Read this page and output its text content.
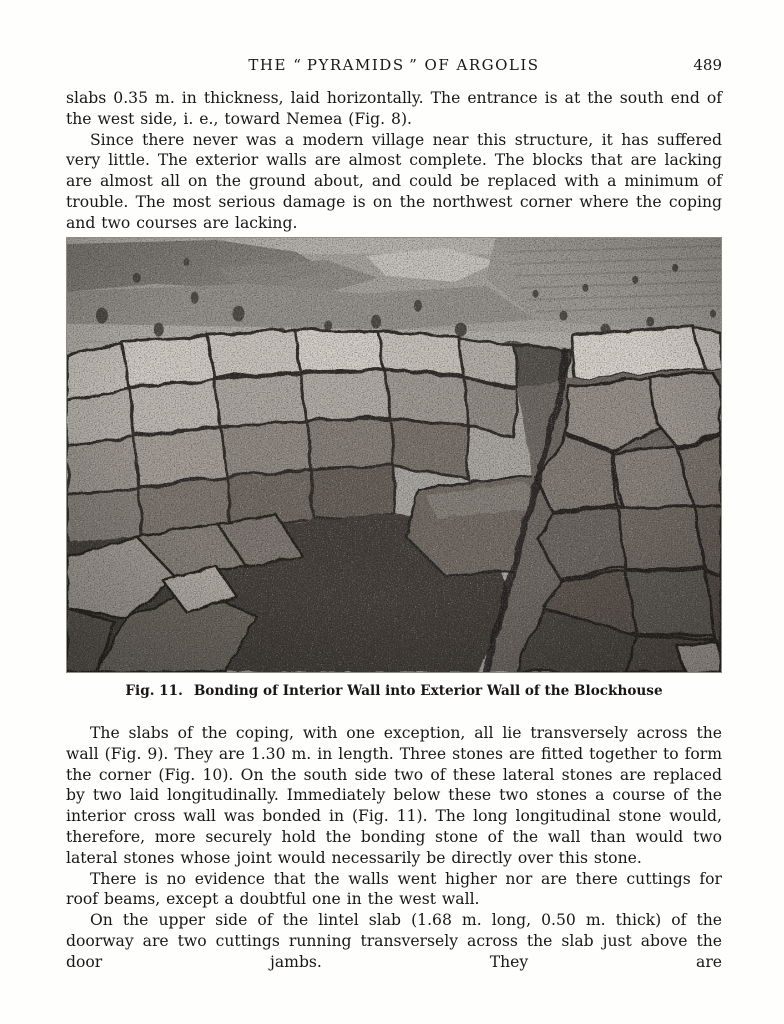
THE “ PYRAMIDS ” OF ARGOLIS	489

slabs 0.35 m. in thickness, laid horizontally. The entrance is at the south end of the west side, i. e., toward Nemea (Fig. 8).

Since there never was a modern village near this structure, it has suffered very little. The exterior walls are almost complete. The blocks that are lacking are almost all on the ground about, and could be replaced with a minimum of trouble. The most serious damage is on the northwest corner where the coping and two courses are lacking.

Fig. 11. Bonding of Interior Wall into Exterior Wall of the Blockhouse

The slabs of the coping, with one exception, all lie transversely across the wall (Fig. 9). They are 1.30 m. in length. Three stones are fitted together to form the corner (Fig. 10). On the south side two of these lateral stones are replaced by two laid longitudinally. Immediately below these two stones a course of the interior cross wall was bonded in (Fig. 11). The long longitudinal stone would, therefore, more securely hold the bonding stone of the wall than would two lateral stones whose joint would necessarily be directly over this stone.

There is no evidence that the walls went higher nor are there cuttings for roof beams, except a doubtful one in the west wall.

On the upper side of the lintel slab (1.68 m. long, 0.50 m. thick) of the doorway are two cuttings running transversely across the slab just above the door jambs. They are
